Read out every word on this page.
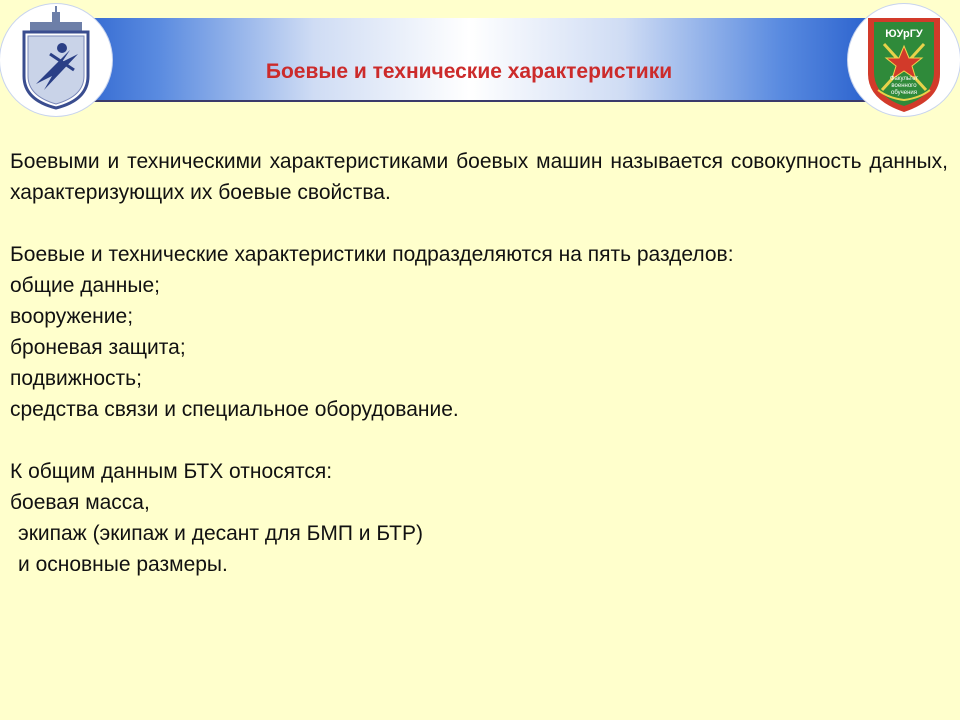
Боевые и технические характеристики
ЮУрГУ
Факультет
военного
обучения

Боевыми и техническими характеристиками боевых машин называется совокупность данных, характеризующих их боевые свойства.

Боевые и технические характеристики подразделяются на пять разделов:
общие данные;
вооружение;
броневая защита;
подвижность;
средства связи и специальное оборудование.
К общим данным БТХ относятся:
боевая масса,
экипаж (экипаж и десант для БМП и БТР)
и основные размеры.
